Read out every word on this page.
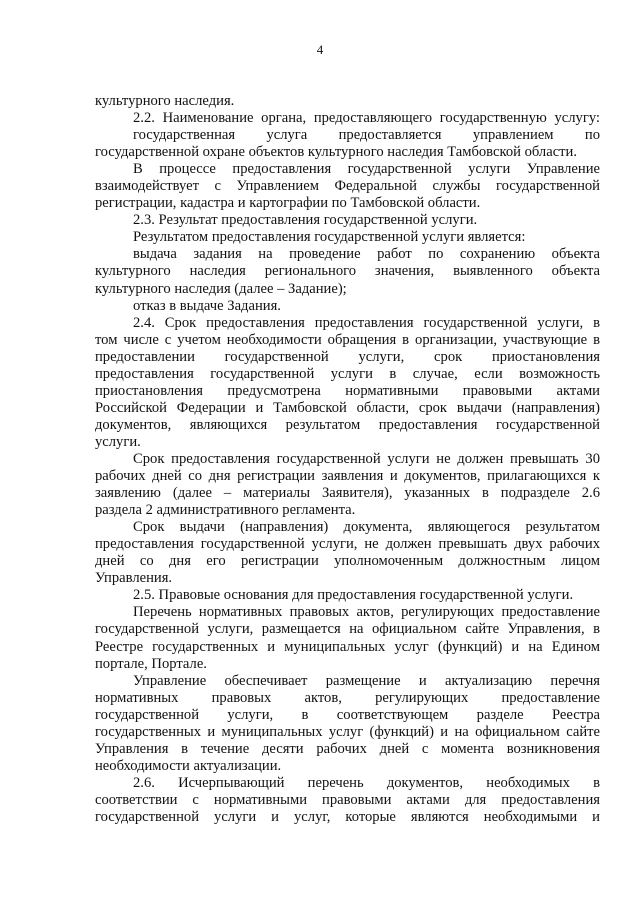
4

культурного наследия.

2.2. Наименование органа, предоставляющего государственную услугу:

государственная услуга предоставляется управлением по

государственной охране объектов культурного наследия Тамбовской области.

В процессе предоставления государственной услуги Управление

взаимодействует с Управлением Федеральной службы государственной

регистрации, кадастра и картографии по Тамбовской области.

2.3. Результат предоставления государственной услуги.

Результатом предоставления государственной услуги является:

выдача задания на проведение работ по сохранению объекта

культурного наследия регионального значения, выявленного объекта

культурного наследия (далее – Задание);

отказ в выдаче Задания.

2.4. Срок предоставления предоставления государственной услуги, в

том числе с учетом необходимости обращения в организации, участвующие в

предоставлении государственной услуги, срок приостановления

предоставления государственной услуги в случае, если возможность

приостановления предусмотрена нормативными правовыми актами

Российской Федерации и Тамбовской области, срок выдачи (направления)

документов, являющихся результатом предоставления государственной

услуги.

Срок предоставления государственной услуги не должен превышать 30

рабочих дней со дня регистрации заявления и документов, прилагающихся к

заявлению (далее – материалы Заявителя), указанных в подразделе 2.6

раздела 2 административного регламента.

Срок выдачи (направления) документа, являющегося результатом

предоставления государственной услуги, не должен превышать двух рабочих

дней со дня его регистрации уполномоченным должностным лицом

Управления.

2.5. Правовые основания для предоставления государственной услуги.

Перечень нормативных правовых актов, регулирующих предоставление

государственной услуги, размещается на официальном сайте Управления, в

Реестре государственных и муниципальных услуг (функций) и на Едином

портале, Портале.

Управление обеспечивает размещение и актуализацию перечня

нормативных правовых актов, регулирующих предоставление

государственной услуги, в соответствующем разделе Реестра

государственных и муниципальных услуг (функций) и на официальном сайте

Управления в течение десяти рабочих дней с момента возникновения

необходимости актуализации.

2.6. Исчерпывающий перечень документов, необходимых в

соответствии с нормативными правовыми актами для предоставления

государственной услуги и услуг, которые являются необходимыми и
